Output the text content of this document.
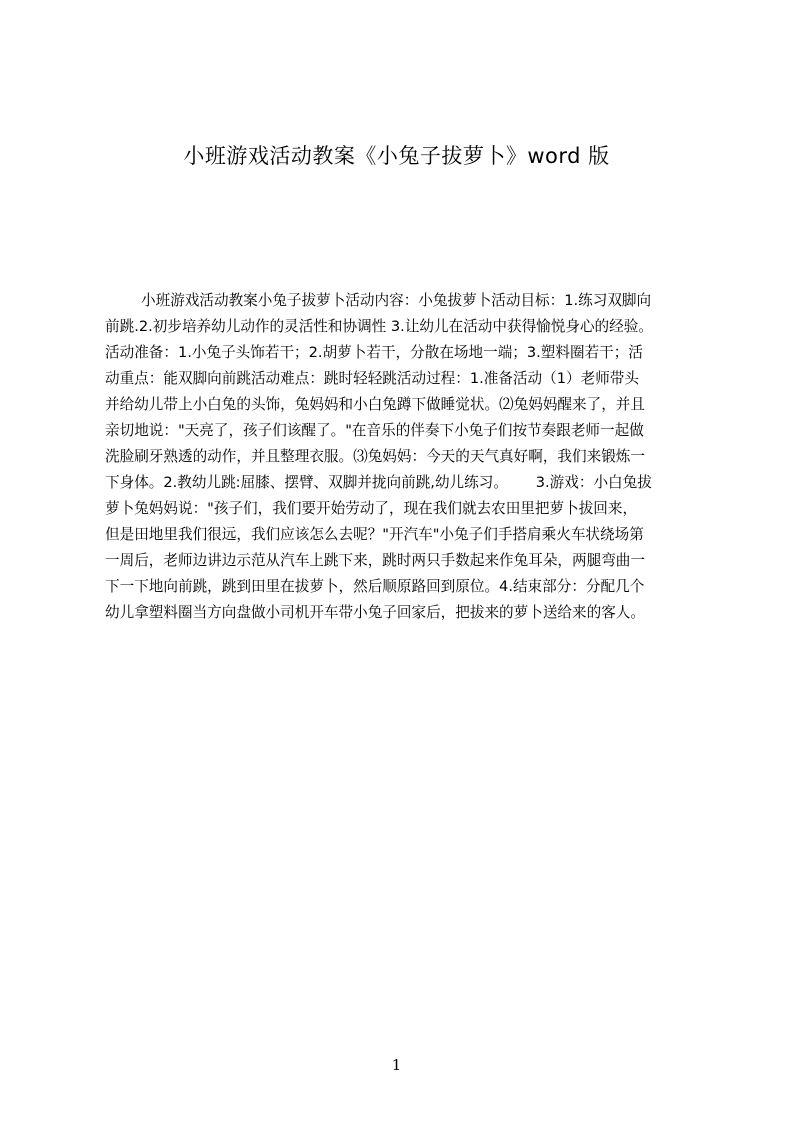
小班游戏活动教案《小兔子拔萝卜》word 版
小班游戏活动教案小兔子拔萝卜活动内容：小兔拔萝卜活动目标：1.练习双脚向
前跳.2.初步培养幼儿动作的灵活性和协调性 3.让幼儿在活动中获得愉悦身心的经验。
活动准备：1.小兔子头饰若干；2.胡萝卜若干，分散在场地一端；3.塑料圈若干；活
动重点：能双脚向前跳活动难点：跳时轻轻跳活动过程：1.准备活动（1）老师带头
并给幼儿带上小白兔的头饰，兔妈妈和小白兔蹲下做睡觉状。⑵兔妈妈醒来了，并且
亲切地说："天亮了，孩子们该醒了。"在音乐的伴奏下小兔子们按节奏跟老师一起做
洗脸刷牙熟透的动作，并且整理衣服。⑶兔妈妈：今天的天气真好啊，我们来锻炼一
下身体。2.教幼儿跳:屈膝、摆臂、双脚并拢向前跳,幼儿练习。      3.游戏：小白兔拔
萝卜兔妈妈说："孩子们，我们要开始劳动了，现在我们就去农田里把萝卜拔回来，
但是田地里我们很远，我们应该怎么去呢？"开汽车"小兔子们手搭肩乘火车状绕场第
一周后，老师边讲边示范从汽车上跳下来，跳时两只手数起来作兔耳朵，两腿弯曲一
下一下地向前跳，跳到田里在拔萝卜，然后顺原路回到原位。4.结束部分：分配几个
幼儿拿塑料圈当方向盘做小司机开车带小兔子回家后，把拔来的萝卜送给来的客人。
1
